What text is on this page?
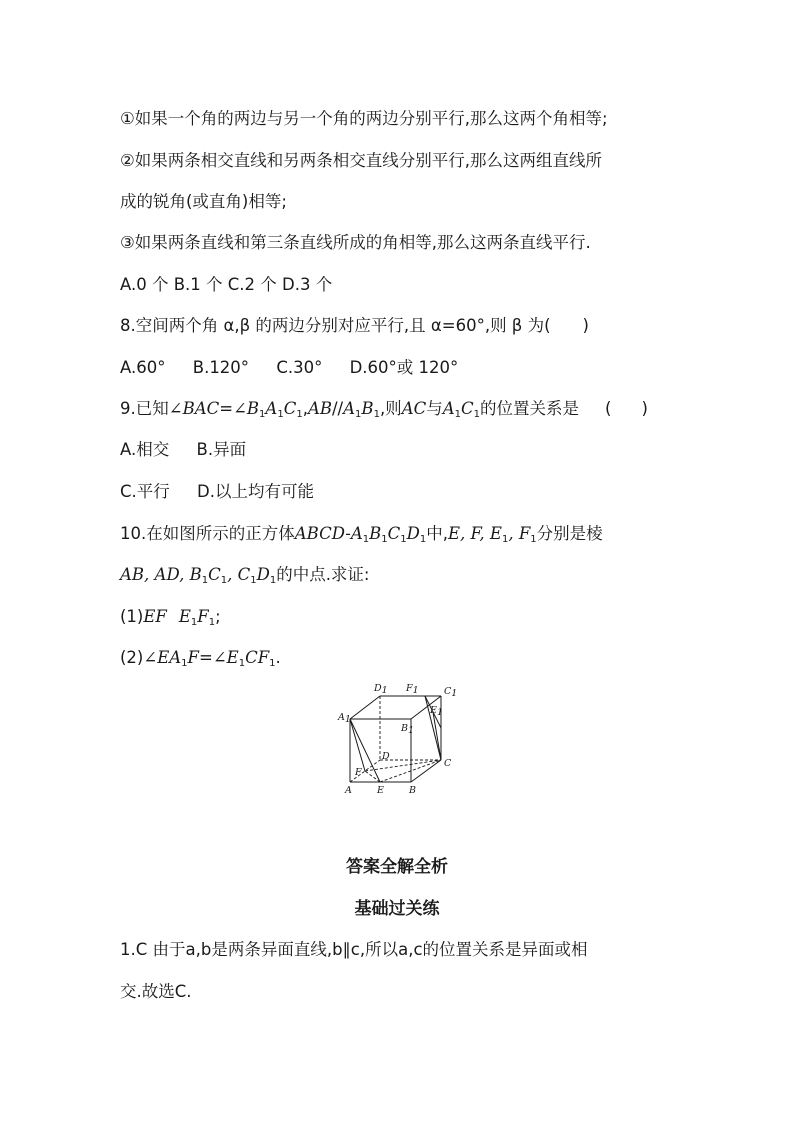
①如果一个角的两边与另一个角的两边分别平行,那么这两个角相等;
②如果两条相交直线和另两条相交直线分别平行,那么这两组直线所
成的锐角(或直角)相等;
③如果两条直线和第三条直线所成的角相等,那么这两条直线平行.
A.0 个 B.1 个 C.2 个 D.3 个
8.空间两个角 α,β 的两边分别对应平行,且 α=60°,则 β 为( )
A.60° B.120° C.30° D.60°或 120°
9.已知$\angle BAC=\angle B_1A_1C_1,AB//A_1B_1$,则AC与$A_1C_1$的位置关系是 ( )
A.相交 B.异面
C.平行 D.以上均有可能
10.在如图所示的正方体ABCD-$A_1B_1C_1D_1$中,E, F, $E_1$, $F_1$分别是棱
AB, AD, $B_1C_1$, $C_1D_1$的中点.求证:
(1)EF $E_1F_1$;
$(2)\angle EA_1F=\angle E_1CF_1$.
D1 F1	C1
A1
E1
B1
D
C
F
A	E	B
答案全解全析
基础过关练
1.C 由于a,b是两条异面直线,b∥c,所以a,c的位置关系是异面或相
交.故选C.
